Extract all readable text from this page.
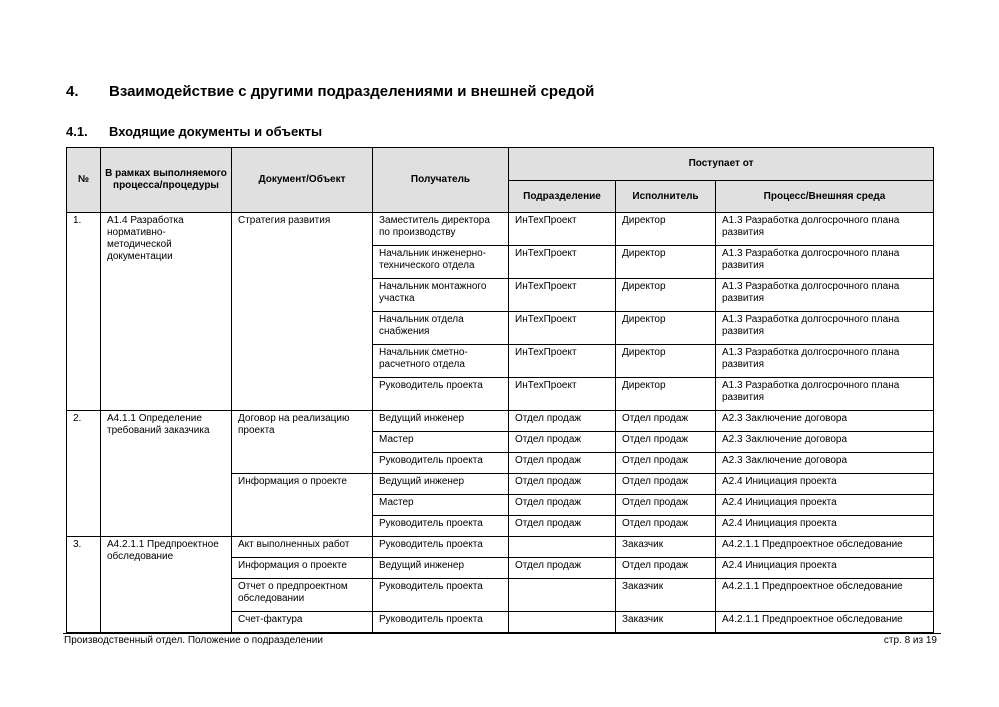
4. Взаимодействие с другими подразделениями и внешней средой
4.1. Входящие документы и объекты
№	В рамках выполняемого процесса/процедуры	Документ/Объект	Получатель	Поступает от		
				Подразделение	Исполнитель	Процесс/Внешняя среда
1.	А1.4 Разработка нормативно-методической документации	Стратегия развития	Заместитель директора по производству	ИнТехПроект	Директор	А1.3 Разработка долгосрочного плана развития
			Начальник инженерно-технического отдела	ИнТехПроект	Директор	А1.3 Разработка долгосрочного плана развития
			Начальник монтажного участка	ИнТехПроект	Директор	А1.3 Разработка долгосрочного плана развития
			Начальник отдела снабжения	ИнТехПроект	Директор	А1.3 Разработка долгосрочного плана развития
			Начальник сметно-расчетного отдела	ИнТехПроект	Директор	А1.3 Разработка долгосрочного плана развития
			Руководитель проекта	ИнТехПроект	Директор	А1.3 Разработка долгосрочного плана развития
2.	А4.1.1 Определение требований заказчика	Договор на реализацию проекта	Ведущий инженер	Отдел продаж	Отдел продаж	А2.3 Заключение договора
			Мастер	Отдел продаж	Отдел продаж	А2.3 Заключение договора
			Руководитель проекта	Отдел продаж	Отдел продаж	А2.3 Заключение договора
		Информация о проекте	Ведущий инженер	Отдел продаж	Отдел продаж	А2.4 Инициация проекта
			Мастер	Отдел продаж	Отдел продаж	А2.4 Инициация проекта
			Руководитель проекта	Отдел продаж	Отдел продаж	А2.4 Инициация проекта
3.	А4.2.1.1 Предпроектное обследование	Акт выполненных работ	Руководитель проекта		Заказчик	А4.2.1.1 Предпроектное обследование
		Информация о проекте	Ведущий инженер	Отдел продаж	Отдел продаж	А2.4 Инициация проекта
		Отчет о предпроектном обследовании	Руководитель проекта		Заказчик	А4.2.1.1 Предпроектное обследование
		Счет-фактура	Руководитель проекта		Заказчик	А4.2.1.1 Предпроектное обследование
Производственный отдел. Положение о подразделении	стр. 8 из 19
